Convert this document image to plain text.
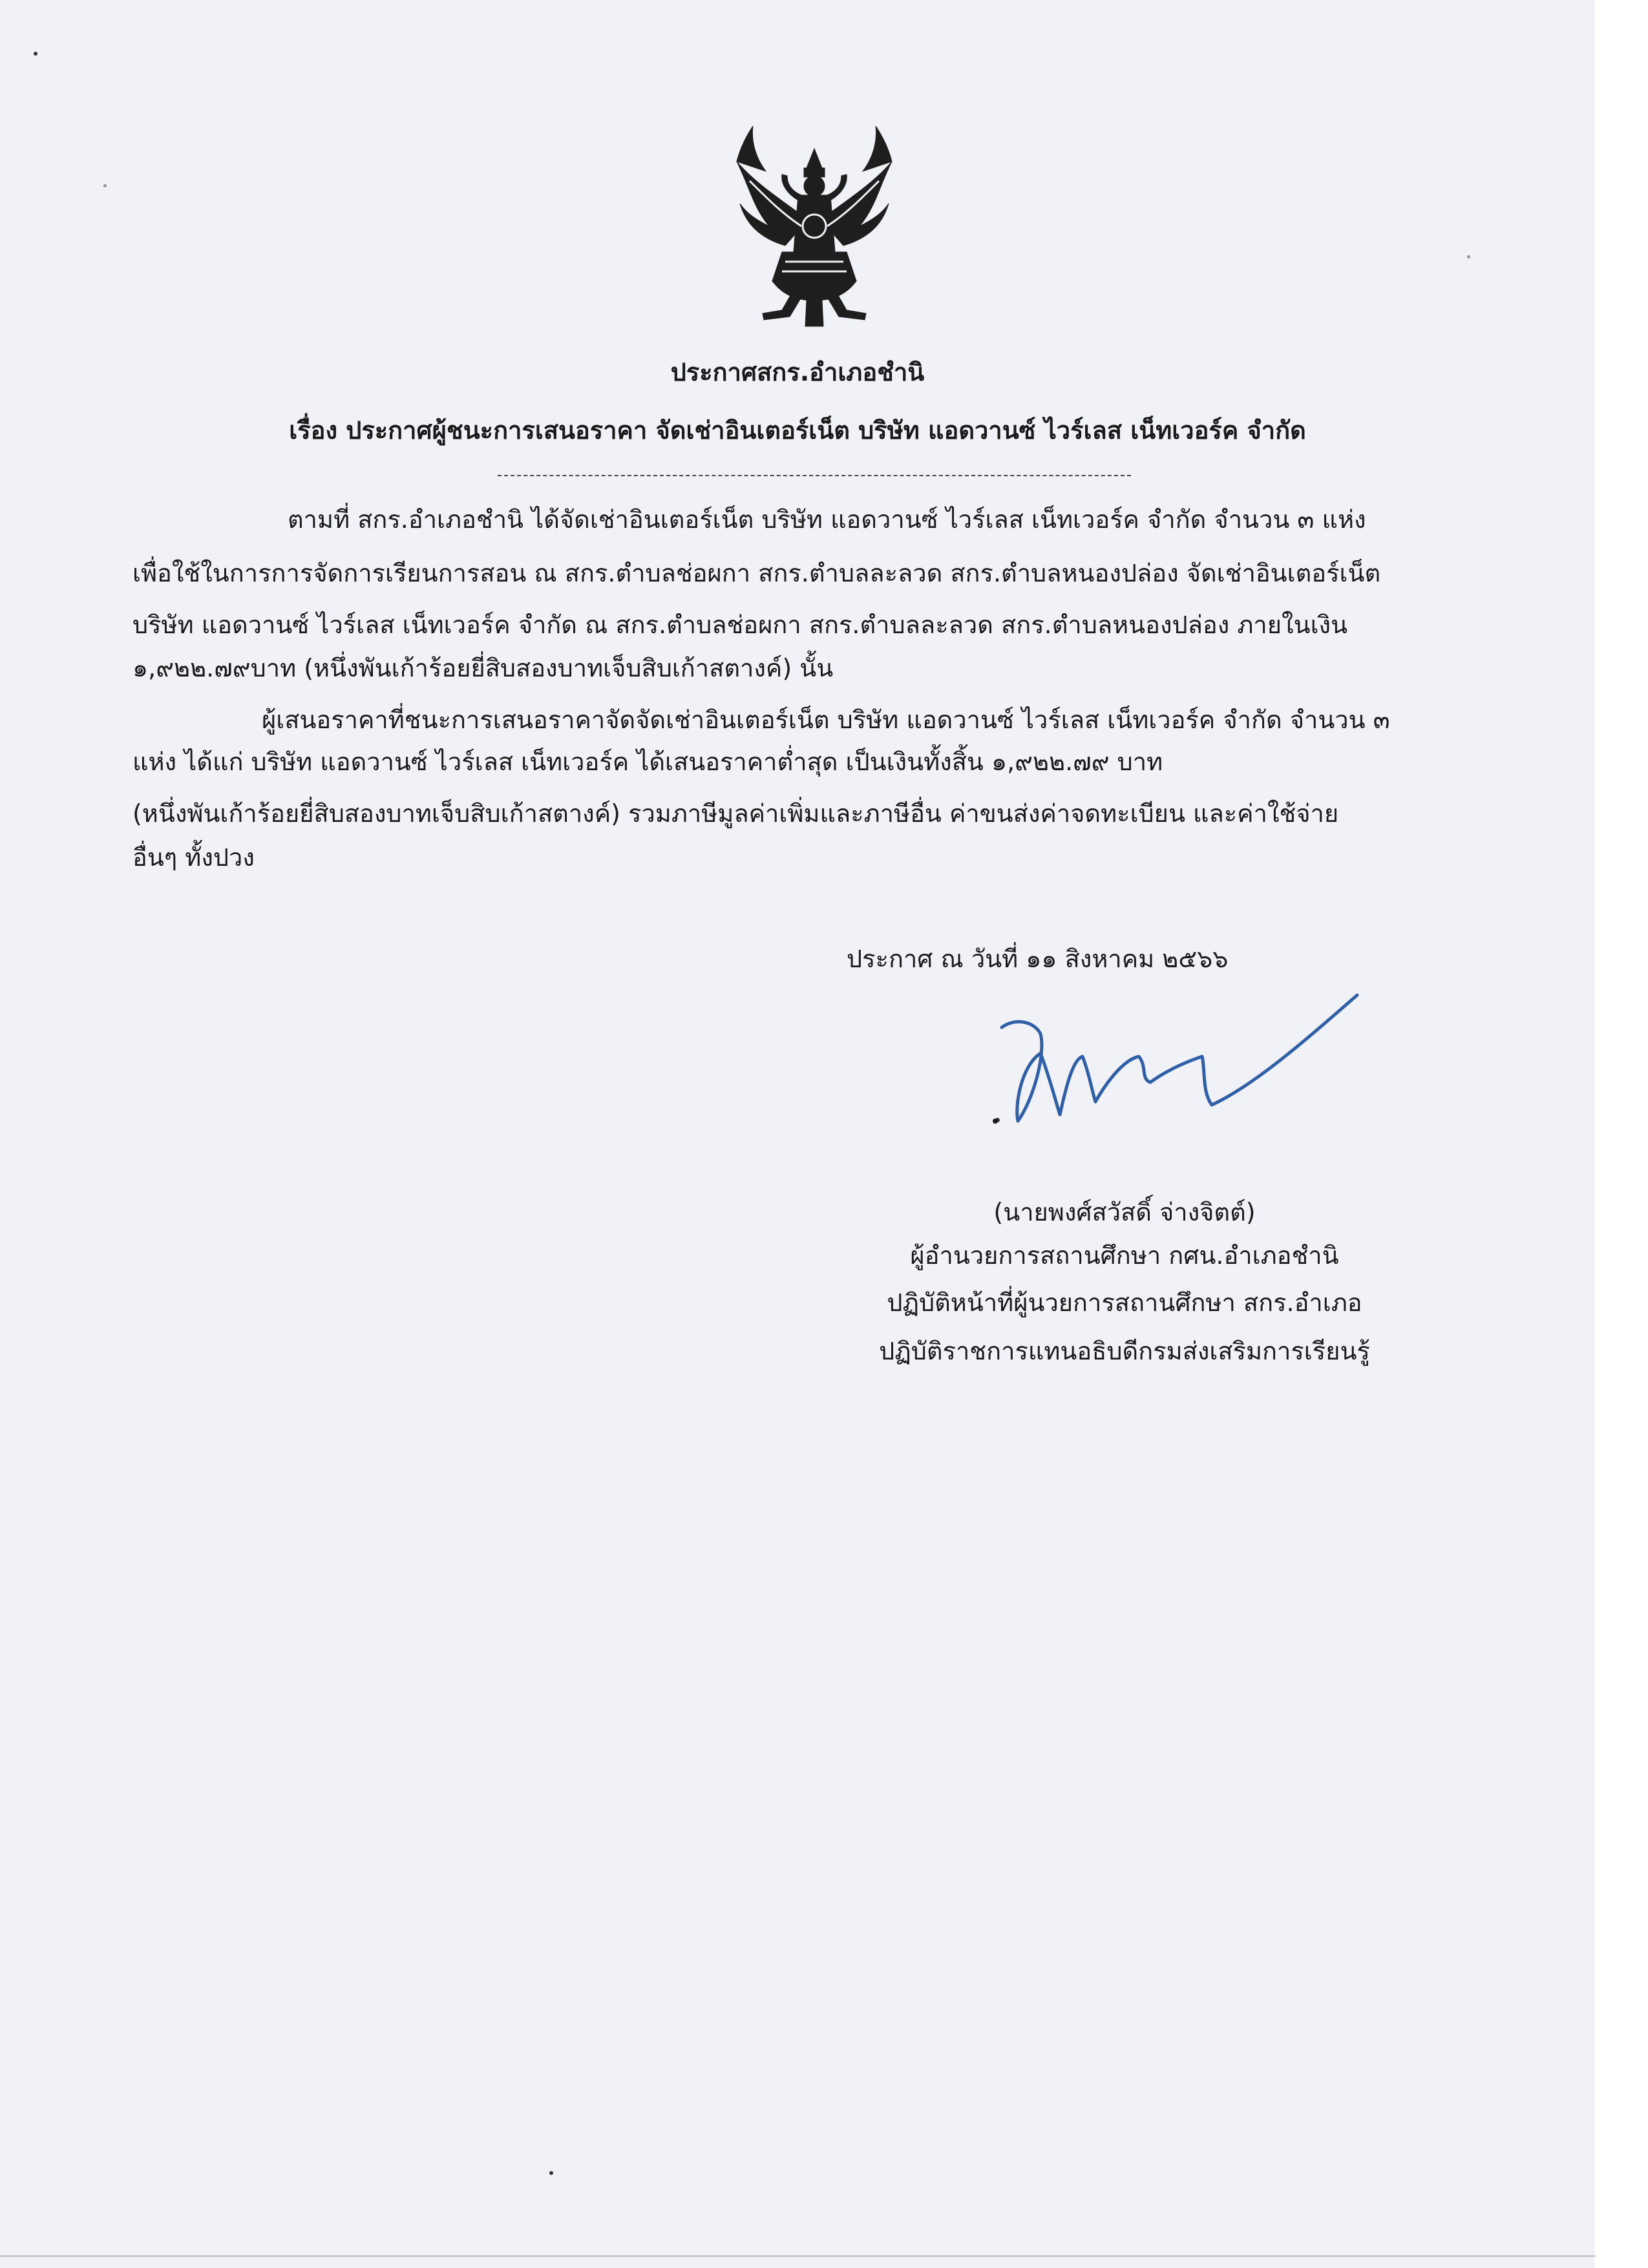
ประกาศสกร.อำเภอชำนิ
เรื่อง ประกาศผู้ชนะการเสนอราคา จัดเช่าอินเตอร์เน็ต บริษัท แอดวานซ์ ไวร์เลส เน็ทเวอร์ค จำกัด
ตามที่ สกร.อำเภอชำนิ ได้จัดเช่าอินเตอร์เน็ต บริษัท แอดวานซ์ ไวร์เลส เน็ทเวอร์ค จำกัด จำนวน ๓ แห่ง
เพื่อใช้ในการการจัดการเรียนการสอน ณ สกร.ตำบลช่อผกา สกร.ตำบลละลวด สกร.ตำบลหนองปล่อง จัดเช่าอินเตอร์เน็ต
บริษัท แอดวานซ์ ไวร์เลส เน็ทเวอร์ค จำกัด ณ สกร.ตำบลช่อผกา สกร.ตำบลละลวด สกร.ตำบลหนองปล่อง ภายในเงิน
๑,๙๒๒.๗๙บาท (หนึ่งพันเก้าร้อยยี่สิบสองบาทเจ็บสิบเก้าสตางค์) นั้น
ผู้เสนอราคาที่ชนะการเสนอราคาจัดจัดเช่าอินเตอร์เน็ต บริษัท แอดวานซ์ ไวร์เลส เน็ทเวอร์ค จำกัด จำนวน ๓
แห่ง ได้แก่ บริษัท แอดวานซ์ ไวร์เลส เน็ทเวอร์ค ได้เสนอราคาต่ำสุด เป็นเงินทั้งสิ้น ๑,๙๒๒.๗๙ บาท
(หนึ่งพันเก้าร้อยยี่สิบสองบาทเจ็บสิบเก้าสตางค์) รวมภาษีมูลค่าเพิ่มและภาษีอื่น ค่าขนส่งค่าจดทะเบียน และค่าใช้จ่าย
อื่นๆ ทั้งปวง
ประกาศ ณ วันที่ ๑๑ สิงหาคม ๒๕๖๖
(นายพงศ์สวัสดิ์ จ่างจิตต์)
ผู้อำนวยการสถานศึกษา กศน.อำเภอชำนิ
ปฏิบัติหน้าที่ผู้นวยการสถานศึกษา สกร.อำเภอ
ปฏิบัติราชการแทนอธิบดีกรมส่งเสริมการเรียนรู้
